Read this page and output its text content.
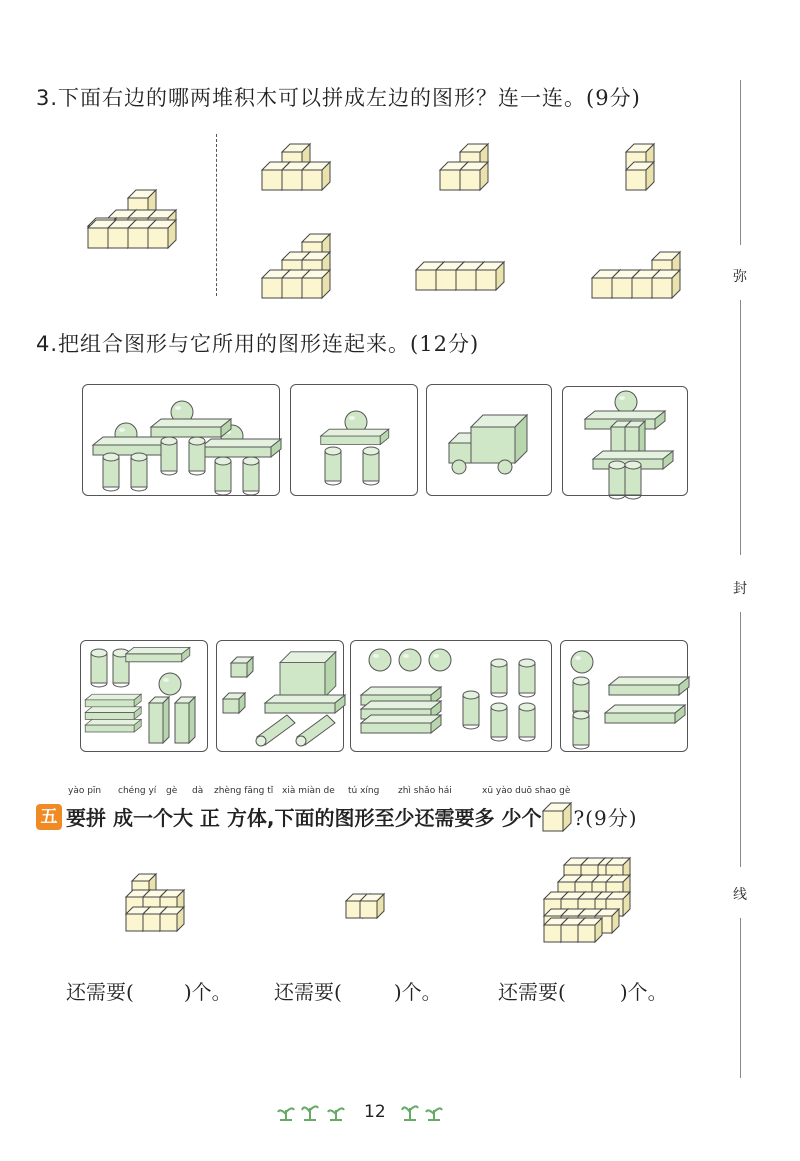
弥
封
线
3.下面右边的哪两堆积木可以拼成左边的图形？连一连。(9分)
4.把组合图形与它所用的图形连起来。(12分)
yào pīn chéng yí gè dà zhèng fāng tǐ xià miàn de tú xíng zhì shǎo hái	xū yào duō shao gè
五 要拼 成一个大 正 方体,下面的图形至少还需要多 少个 ?(9分)
还需要(	)个。 还需要(	)个。	还需要(	)个。
12
